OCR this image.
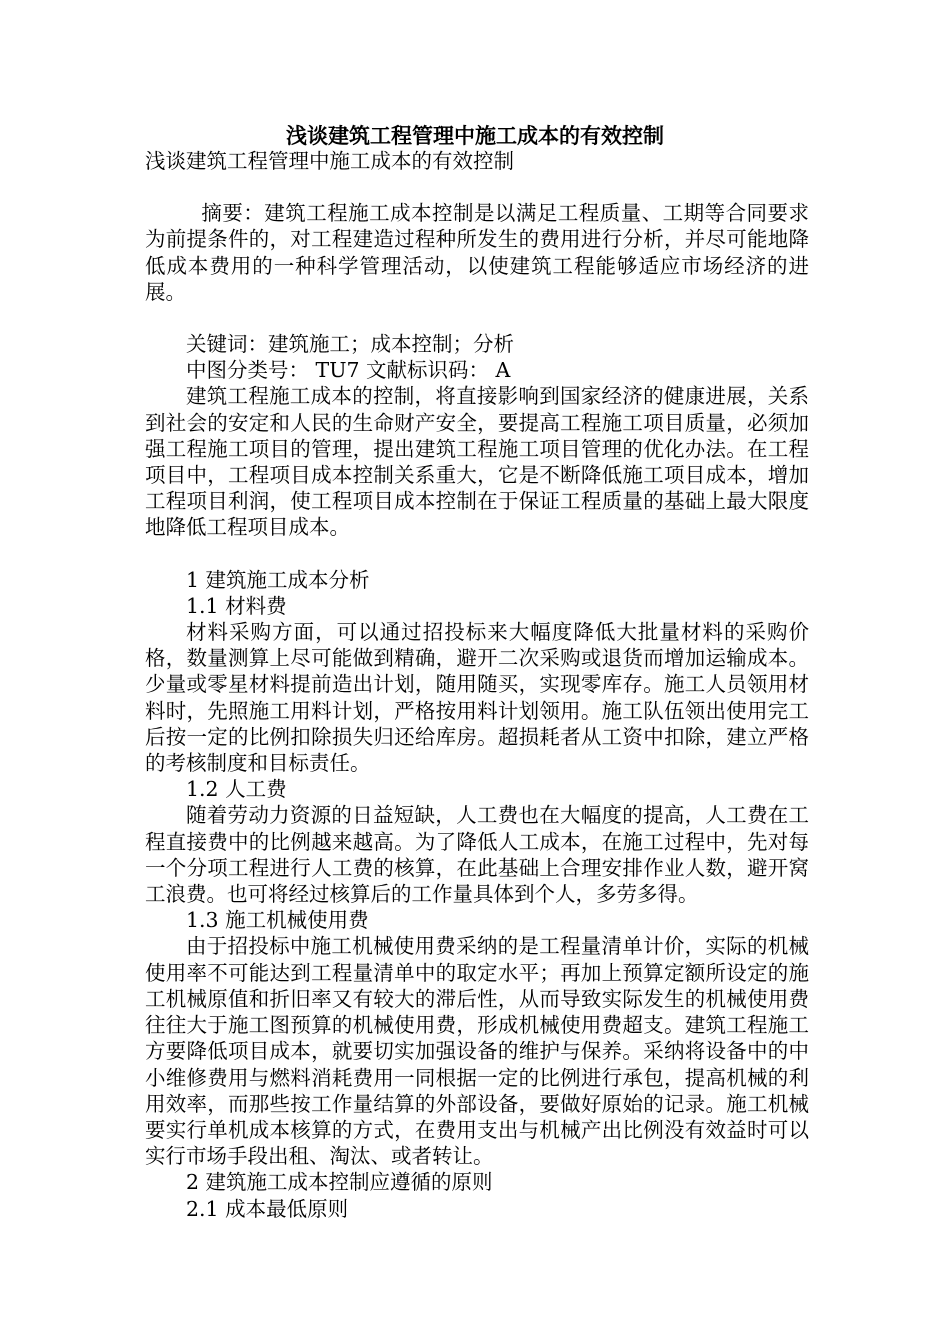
浅谈建筑工程管理中施工成本的有效控制

浅谈建筑工程管理中施工成本的有效控制

摘要：建筑工程施工成本控制是以满足工程质量、工期等合同要求为前提条件的，对工程建造过程种所发生的费用进行分析，并尽可能地降低成本费用的一种科学管理活动，以使建筑工程能够适应市场经济的进展。

关键词：建筑施工；成本控制；分析

中图分类号： TU7 文献标识码： A

建筑工程施工成本的控制，将直接影响到国家经济的健康进展，关系到社会的安定和人民的生命财产安全，要提高工程施工项目质量，必须加强工程施工项目的管理，提出建筑工程施工项目管理的优化办法。在工程项目中，工程项目成本控制关系重大，它是不断降低施工项目成本，增加工程项目利润，使工程项目成本控制在于保证工程质量的基础上最大限度地降低工程项目成本。

1 建筑施工成本分析

1.1 材料费

材料采购方面，可以通过招投标来大幅度降低大批量材料的采购价格，数量测算上尽可能做到精确，避开二次采购或退货而增加运输成本。少量或零星材料提前造出计划，随用随买，实现零库存。施工人员领用材料时，先照施工用料计划，严格按用料计划领用。施工队伍领出使用完工后按一定的比例扣除损失归还给库房。超损耗者从工资中扣除，建立严格的考核制度和目标责任。

1.2 人工费

随着劳动力资源的日益短缺，人工费也在大幅度的提高，人工费在工程直接费中的比例越来越高。为了降低人工成本，在施工过程中，先对每一个分项工程进行人工费的核算，在此基础上合理安排作业人数，避开窝工浪费。也可将经过核算后的工作量具体到个人，多劳多得。

1.3 施工机械使用费

由于招投标中施工机械使用费采纳的是工程量清单计价，实际的机械使用率不可能达到工程量清单中的取定水平；再加上预算定额所设定的施工机械原值和折旧率又有较大的滞后性，从而导致实际发生的机械使用费往往大于施工图预算的机械使用费，形成机械使用费超支。建筑工程施工方要降低项目成本，就要切实加强设备的维护与保养。采纳将设备中的中小维修费用与燃料消耗费用一同根据一定的比例进行承包，提高机械的利用效率，而那些按工作量结算的外部设备，要做好原始的记录。施工机械要实行单机成本核算的方式，在费用支出与机械产出比例没有效益时可以实行市场手段出租、淘汰、或者转让。

2 建筑施工成本控制应遵循的原则

2.1 成本最低原则
